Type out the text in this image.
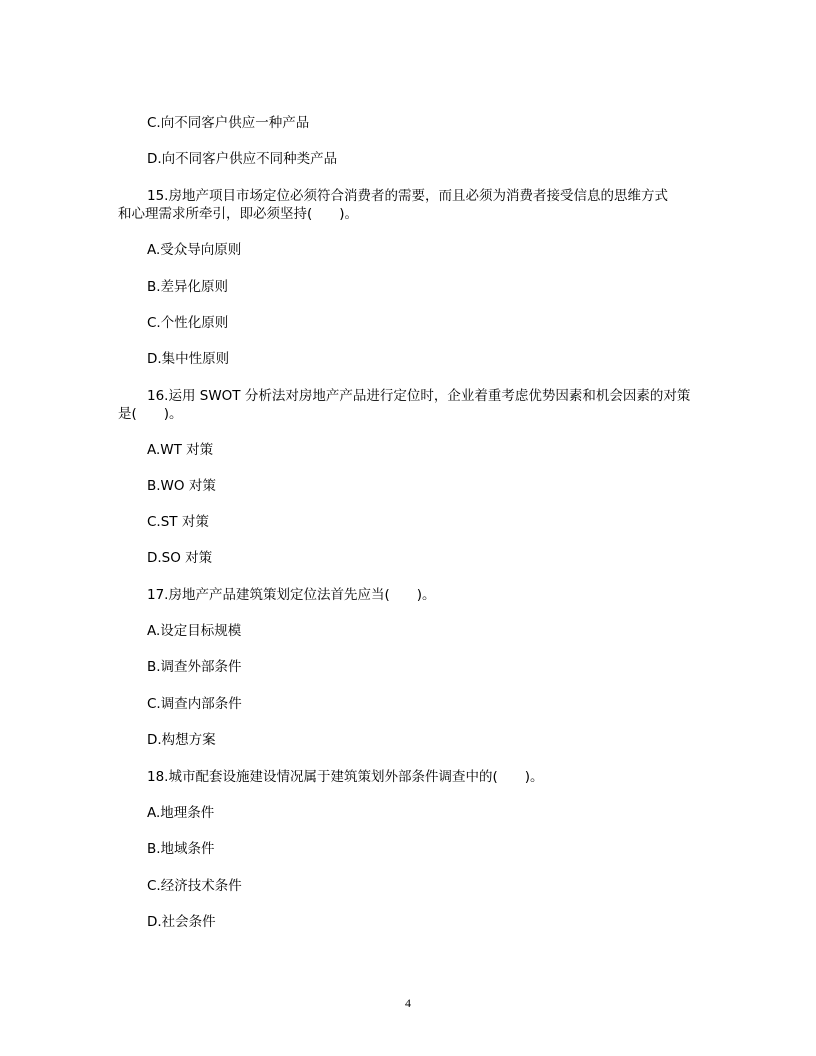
C.向不同客户供应一种产品
D.向不同客户供应不同种类产品
15.房地产项目市场定位必须符合消费者的需要，而且必须为消费者接受信息的思维方式
和心理需求所牵引，即必须坚持(　　)。
A.受众导向原则
B.差异化原则
C.个性化原则
D.集中性原则
16.运用 SWOT 分析法对房地产产品进行定位时，企业着重考虑优势因素和机会因素的对策
是(　　)。
A.WT 对策
B.WO 对策
C.ST 对策
D.SO 对策
17.房地产产品建筑策划定位法首先应当(　　)。
A.设定目标规模
B.调查外部条件
C.调查内部条件
D.构想方案
18.城市配套设施建设情况属于建筑策划外部条件调查中的(　　)。
A.地理条件
B.地域条件
C.经济技术条件
D.社会条件
4
